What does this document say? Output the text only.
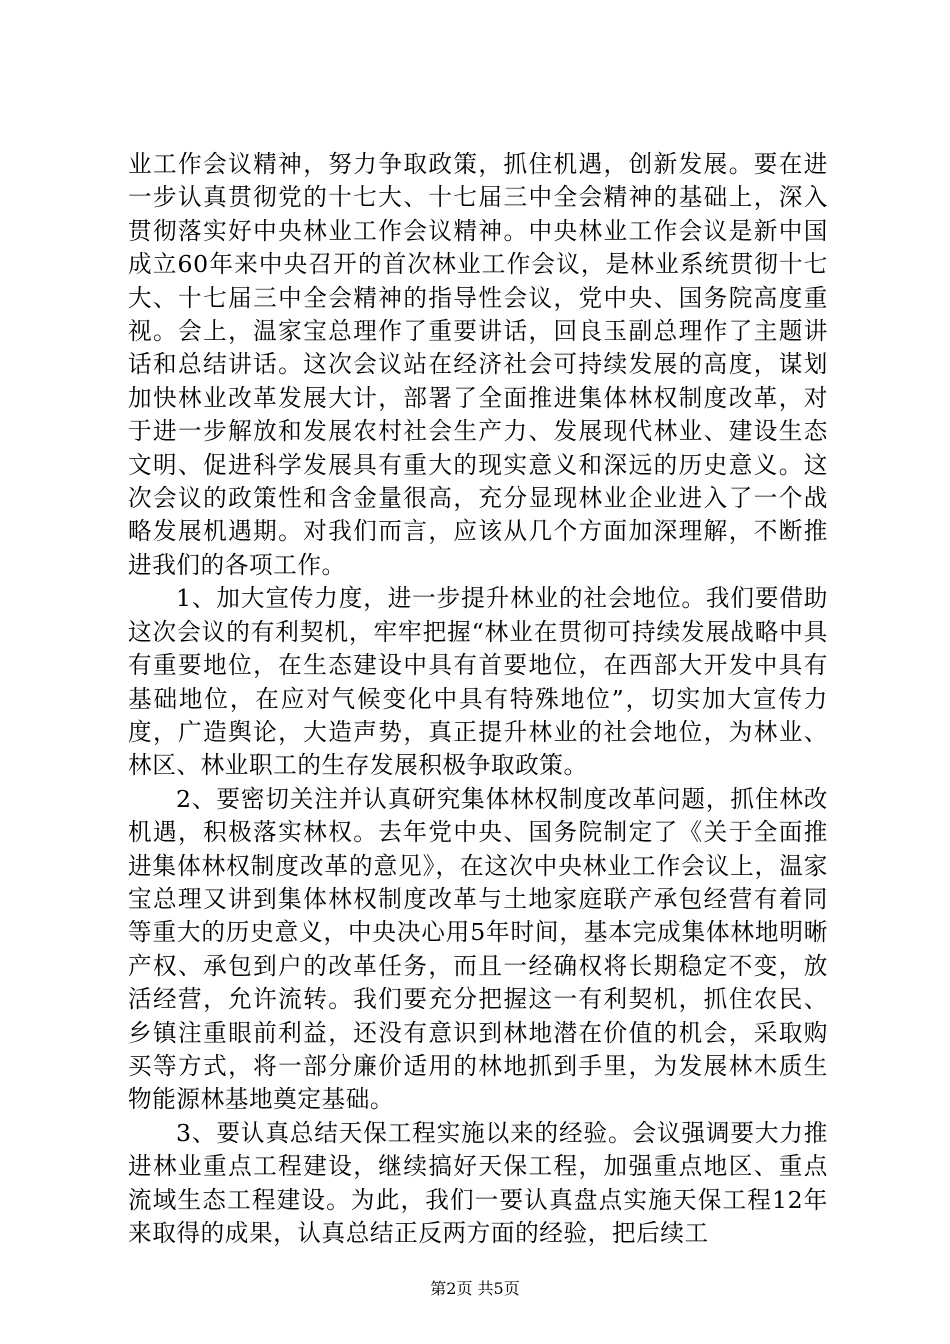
业工作会议精神，努力争取政策，抓住机遇，创新发展。要在进一步认真贯彻党的十七大、十七届三中全会精神的基础上，深入贯彻落实好中央林业工作会议精神。中央林业工作会议是新中国成立60年来中央召开的首次林业工作会议，是林业系统贯彻十七大、十七届三中全会精神的指导性会议，党中央、国务院高度重视。会上，温家宝总理作了重要讲话，回良玉副总理作了主题讲话和总结讲话。这次会议站在经济社会可持续发展的高度，谋划加快林业改革发展大计，部署了全面推进集体林权制度改革，对于进一步解放和发展农村社会生产力、发展现代林业、建设生态文明、促进科学发展具有重大的现实意义和深远的历史意义。这次会议的政策性和含金量很高，充分显现林业企业进入了一个战略发展机遇期。对我们而言，应该从几个方面加深理解，不断推进我们的各项工作。

1、加大宣传力度，进一步提升林业的社会地位。我们要借助这次会议的有利契机，牢牢把握“林业在贯彻可持续发展战略中具有重要地位，在生态建设中具有首要地位，在西部大开发中具有基础地位，在应对气候变化中具有特殊地位”，切实加大宣传力度，广造舆论，大造声势，真正提升林业的社会地位，为林业、林区、林业职工的生存发展积极争取政策。

2、要密切关注并认真研究集体林权制度改革问题，抓住林改机遇，积极落实林权。去年党中央、国务院制定了《关于全面推进集体林权制度改革的意见》，在这次中央林业工作会议上，温家宝总理又讲到集体林权制度改革与土地家庭联产承包经营有着同等重大的历史意义，中央决心用5年时间，基本完成集体林地明晰产权、承包到户的改革任务，而且一经确权将长期稳定不变，放活经营，允许流转。我们要充分把握这一有利契机，抓住农民、乡镇注重眼前利益，还没有意识到林地潜在价值的机会，采取购买等方式，将一部分廉价适用的林地抓到手里，为发展林木质生物能源林基地奠定基础。

3、要认真总结天保工程实施以来的经验。会议强调要大力推进林业重点工程建设，继续搞好天保工程，加强重点地区、重点流域生态工程建设。为此，我们一要认真盘点实施天保工程12年来取得的成果，认真总结正反两方面的经验，把后续工

第2页 共5页
